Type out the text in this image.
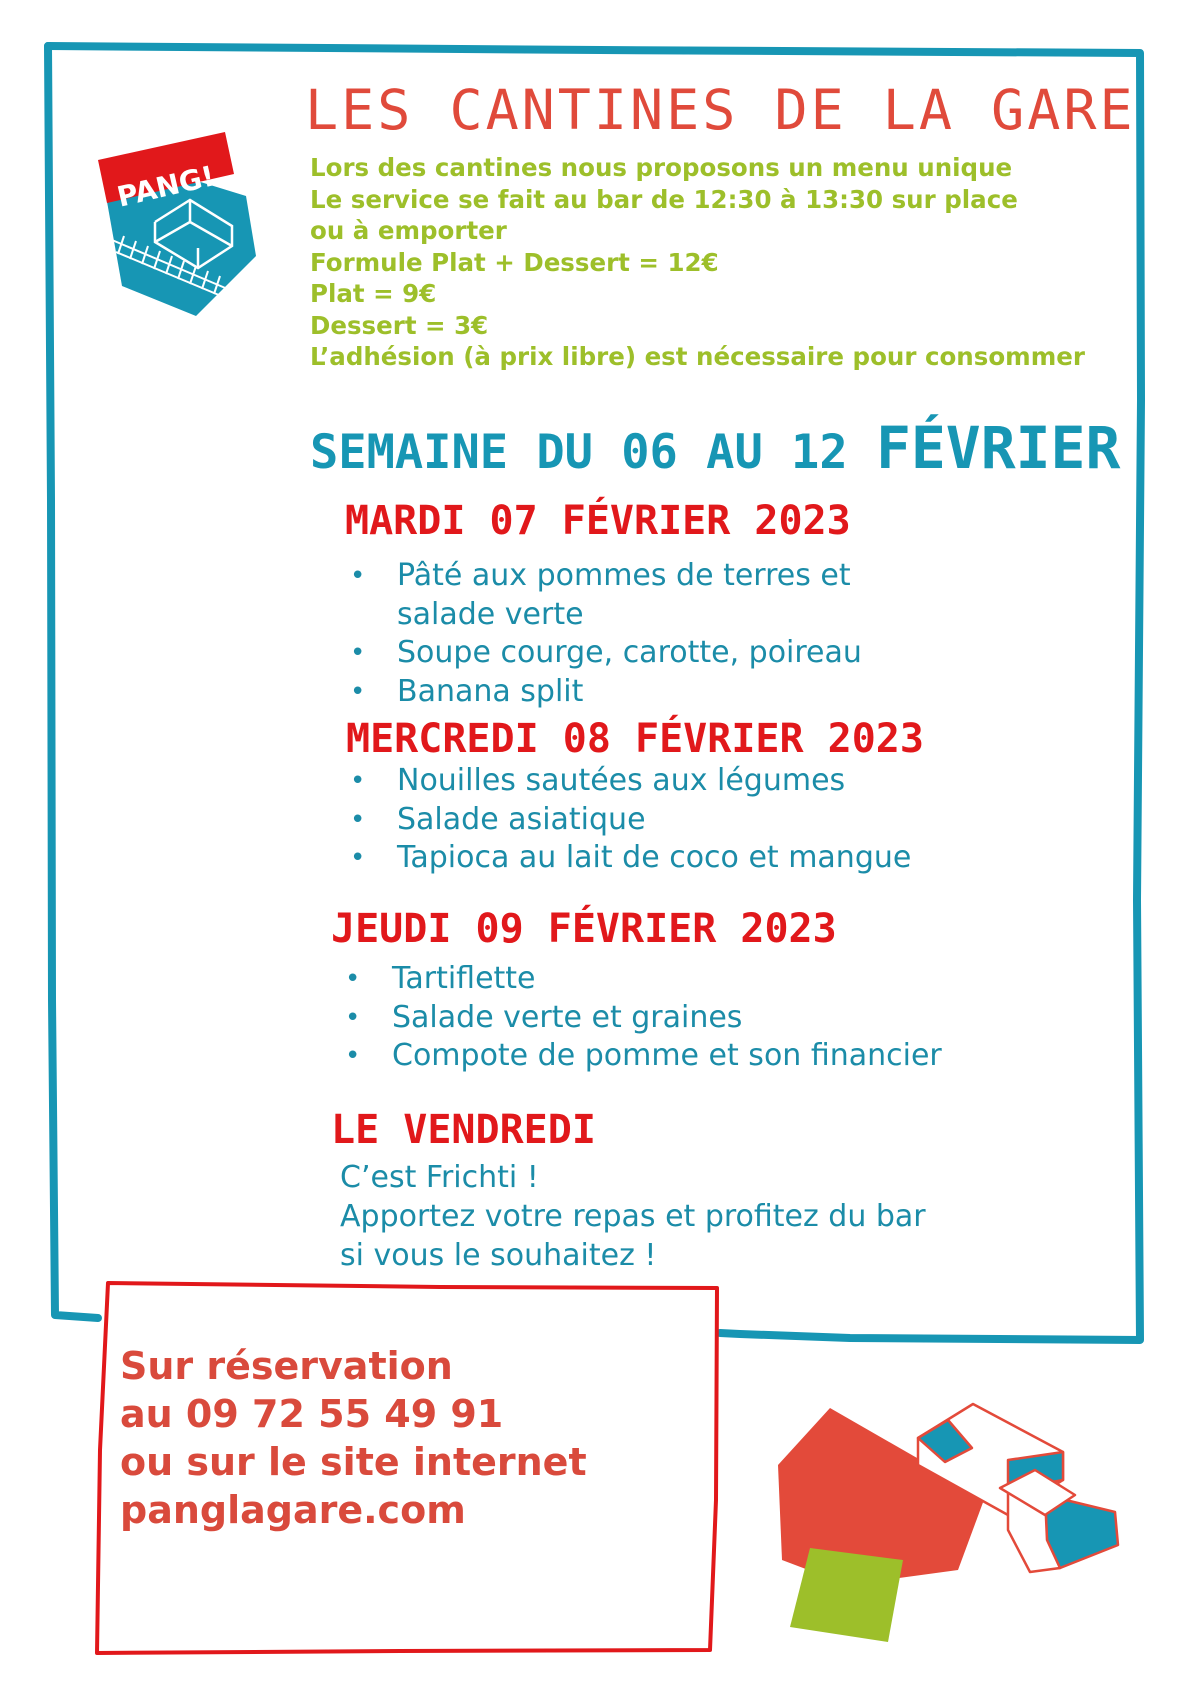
PANG!
LES CANTINES DE LA GARE
Lors des cantines nous proposons un menu unique
Le service se fait au bar de 12:30 à 13:30 sur place
ou à emporter
Formule Plat + Dessert = 12€
Plat = 9€
Dessert = 3€
L’adhésion (à prix libre) est nécessaire pour consommer
SEMAINE DU 06 AU 12 FÉVRIER
MARDI 07 FÉVRIER 2023
• Pâté aux pommes de terres et salade verte
• Soupe courge, carotte, poireau
• Banana split
MERCREDI 08 FÉVRIER 2023
• Nouilles sautées aux légumes
• Salade asiatique
• Tapioca au lait de coco et mangue
JEUDI 09 FÉVRIER 2023
• Tartiflette
• Salade verte et graines
• Compote de pomme et son financier
LE VENDREDI
C’est Frichti !
Apportez votre repas et profitez du bar
si vous le souhaitez !
Sur réservation
au 09 72 55 49 91
ou sur le site internet
panglagare.com
